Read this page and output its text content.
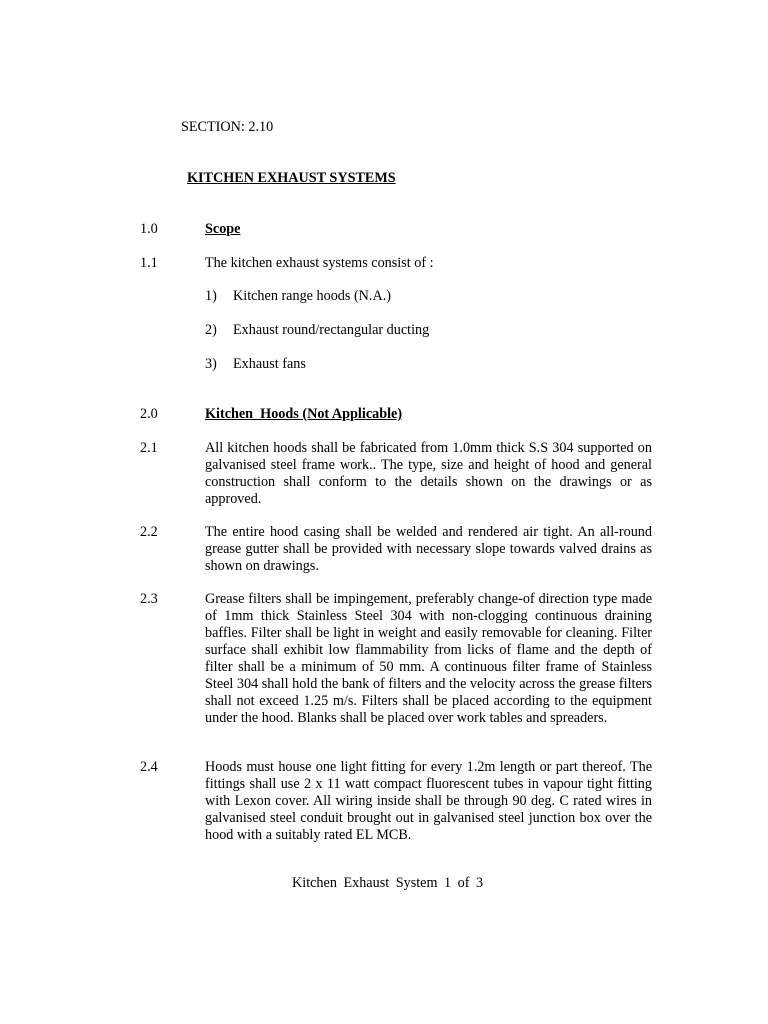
SECTION: 2.10
KITCHEN EXHAUST SYSTEMS
1.0	Scope
1.1	The kitchen exhaust systems consist of :
1) Kitchen range hoods (N.A.)
2) Exhaust round/rectangular ducting
3) Exhaust fans
2.0	Kitchen  Hoods (Not Applicable)
2.1	All kitchen hoods shall be fabricated from 1.0mm thick S.S 304 supported on galvanised steel frame work.. The type, size and height of hood and general construction shall conform to the details shown on the drawings or as approved.

2.2	The entire hood casing shall be welded and rendered air tight. An all-round grease gutter shall be provided with necessary slope towards valved drains as shown on drawings.

2.3	Grease filters shall be impingement, preferably change-of direction type made of 1mm thick Stainless Steel 304 with non-clogging continuous draining baffles. Filter shall be light in weight and easily removable for cleaning. Filter surface shall exhibit low flammability from licks of flame and the depth of filter shall be a minimum of 50 mm. A continuous filter frame of Stainless Steel 304 shall hold the bank of filters and the velocity across the grease filters shall not exceed 1.25 m/s. Filters shall be placed according to the equipment under the hood. Blanks shall be placed over work tables and spreaders.

2.4	Hoods must house one light fitting for every 1.2m length or part thereof. The fittings shall use 2 x 11 watt compact fluorescent tubes in vapour tight fitting with Lexon cover. All wiring inside shall be through 90 deg. C rated wires in galvanised steel conduit brought out in galvanised steel junction box over the hood with a suitably rated EL MCB.

Kitchen Exhaust System 1 of 3
